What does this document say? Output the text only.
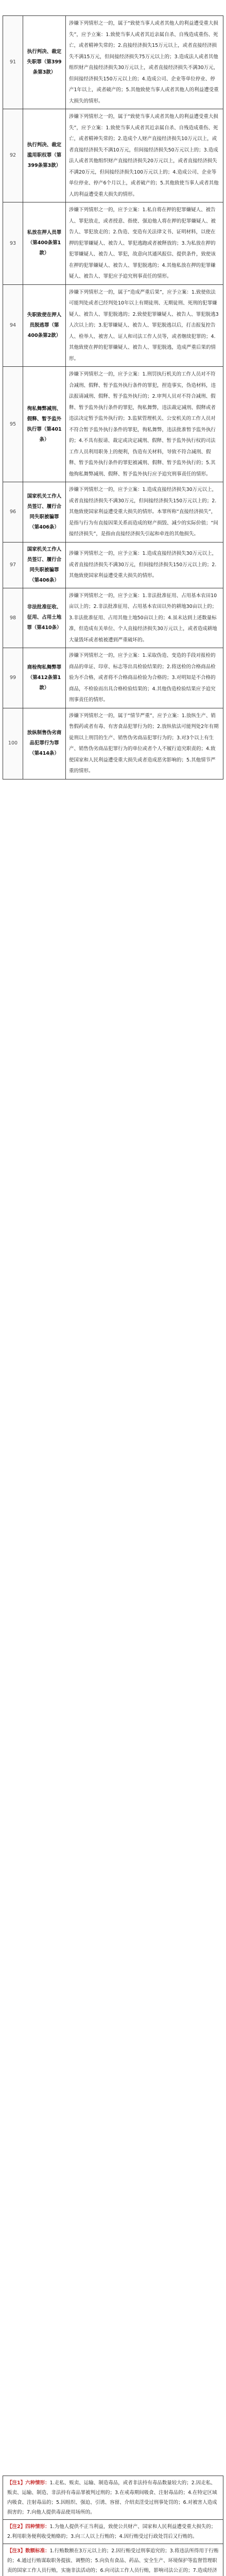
91	执行判决、裁定失职罪（第399条第3款）	涉嫌下列情形之一的，属于“致使当事人或者其他人的利益遭受重大损失”，应予立案：1.致使当事人或者其近亲属自杀、自残造成重伤、死亡，或者精神失常的；2.直接经济损失15万元以上，或者直接经济损失不满15万元，但间接经济损失75万元以上的；3.造成法人或者其他组织财产直接经济损失30万元以上，或者直接经济损失不满30万元，但间接经济损失150万元以上的；4.造成公司、企业等单位停业、停产1年以上，或者破产的；5.其他致使当事人或者其他人的利益遭受重大损失的情形。
92	执行判决、裁定滥用职权罪（第399条第3款）	涉嫌下列情形之一的，属于“致使当事人或者其他人的利益遭受重大损失”，应予立案：1.致使当事人或者其近亲属自杀、自残造成重伤、死亡，或者精神失常的；2.造成个人财产直接经济损失10万元以上，或者直接经济损失不满10万元，但间接经济损失50万元以上的；3.造成法人或者其他组织财产直接经济损失20万元以上，或者直接经济损失不满20万元，但间接经济损失100万元以上的；4.造成公司、企业等单位停业、停产6个月以上，或者破产的；5.其他致使当事人或者其他人的利益遭受重大损失的情形。
93	私放在押人员罪（第400条第1款）	涉嫌下列情形之一的，应予立案：1.私自将在押的犯罪嫌疑人、被告人、罪犯放走，或者授意、指使、强迫他人将在押的犯罪嫌疑人、被告人、罪犯放走的；2.伪造、变造有关法律文书、证明材料，以使在押的犯罪嫌疑人、被告人、罪犯逃跑或者被释放的；3.为私放在押的犯罪嫌疑人、被告人、罪犯，故意向其通风报信、提供条件，致使该在押的犯罪嫌疑人、被告人、罪犯脱逃的；4.其他私放在押的犯罪嫌疑人、被告人、罪犯应予追究刑事责任的情形。
94	失职致使在押人员脱逃罪（第400条第2款）	涉嫌下列情形之一的，属于“造成严重后果”，应予立案：1.致使依法可能判处或者已经判处10年以上有期徒刑、无期徒刑、死刑的犯罪嫌疑人、被告人、罪犯脱逃的；2.致使犯罪嫌疑人、被告人、罪犯脱逃3人次以上的；3.犯罪嫌疑人、被告人、罪犯脱逃以后，打击报复控告人、检举人、被害人、证人和司法工作人员等，或者继续犯罪的；4.其他致使在押的犯罪嫌疑人、被告人、罪犯脱逃，造成严重后果的情形。
95	徇私舞弊减刑、假释、暂予监外执行罪（第401条）	涉嫌下列情形之一的，应予立案：1.刑罚执行机关的工作人员对不符合减刑、假释、暂予监外执行条件的罪犯，捏造事实，伪造材料，违法报请减刑、假释、暂予监外执行的；2.审判人员对不符合减刑、假释、暂予监外执行条件的罪犯，徇私舞弊，违法裁定减刑、假释或者违法决定暂予监外执行的；3.监狱管理机关、公安机关的工作人员对不符合暂予监外执行条件的罪犯，徇私舞弊，违法批准暂予监外执行的；4.不具有报请、裁定或决定减刑、假释、暂予监外执行权的司法工作人员利用职务上的便利，伪造有关材料，导致不符合减刑、假释、暂予监外执行条件的罪犯被减刑、假释、暂予监外执行的；5.其他徇私舞弊减刑、假释、暂予监外执行应予追究刑事责任的情形。
96	国家机关工作人员签订、履行合同失职被骗罪（第406条）	涉嫌下列情形之一的，应予立案：1.造成直接经济损失30万元以上，或者直接经济损失不满30万元，但间接经济损失150万元以上的；2.其他致使国家利益遭受重大损失的情形。本罪所称“直接经济损失”，是指与行为有直接因果关系而造成的财产损毁、减少的实际价值；“间接经济损失”，是指由直接经济损失引起和牵连的其他损失。
97	国家机关工作人员签订、履行合同失职被骗罪（第406条）	涉嫌下列情形之一的，应予立案：1.造成直接经济损失30万元以上，或者直接经济损失不满30万元，但间接经济损失150万元以上的；2.其他致使国家利益遭受重大损失的情形。
98	非法批准征收、征用、占用土地罪（第410条）	涉嫌下列情形之一的，应予立案：1.非法批准征用、占用基本农田10亩以上的；2.非法批准征用、占用基本农田以外的耕地30亩以上的；3.非法批准征用、占用其他土地50亩以上的；4.虽未达到上述数量标准，但造成有关单位、个人直接经济损失30万元以上，或者造成耕地大量毁坏或者植被遭到严重破坏的。
99	商检徇私舞弊罪（第412条第1款）	涉嫌下列情形之一的，应予立案：1.采取伪造、变造的手段对报检的商品的单证、印章、标志等出具检验结果的；2.将送检的合格商品检验为不合格，或者将不合格商品检验为合格的；3.对明知是不合格的商品，不检验而出具合格检验结果的；4.其他伪造检验结果应予追究刑事责任的情形。
100	放纵制售伪劣商品犯罪行为罪（第414条）	涉嫌下列情形之一的，属于“情节严重”，应予立案：1.放纵生产、销售假药或者有毒、有害食品犯罪行为的；2.放纵依法可能判处2年有期徒刑以上刑罚的生产、销售伪劣商品犯罪行为的；3.对3个以上有生产、销售伪劣商品犯罪行为的单位或者个人不履行追究职责的；4.致使国家和人民利益遭受重大损失或者造成恶劣影响的；5.其他情节严重的情形。
【注1】六种情形：1.走私、贩卖、运输、制造毒品，或者非法持有毒品数量较大的；2.因走私、贩卖、运输、制造、非法持有毒品罪被判过刑的；3.在戒毒期间吸食、注射毒品的；4.在特定区域内吸食、注射毒品的；5.因组织、强迫、引诱、容留、介绍卖淫受过刑事处罚的；6.对被害人造成损害的；7.向他人提供毒品使用场所的。
【注2】四种情形：1.为他人提供不正当利益，致使公共财产、国家和人民利益遭受重大损失的；2.利用职务便利收受贿赂的；3.向三人以上行贿的；4.因行贿受过行政处罚后又行贿的。
【注3】数额标准：1.行贿数额在3万元以上的；2.因行贿受过刑事追究的；3.将违法所得用于行贿的；4.通过行贿谋取职务提拔、调整的；5.向负有食品、药品、安全生产、环境保护等监督管理职责的国家工作人员行贿，实施非法活动的；6.向司法工作人员行贿，影响司法公正的；7.造成经济
